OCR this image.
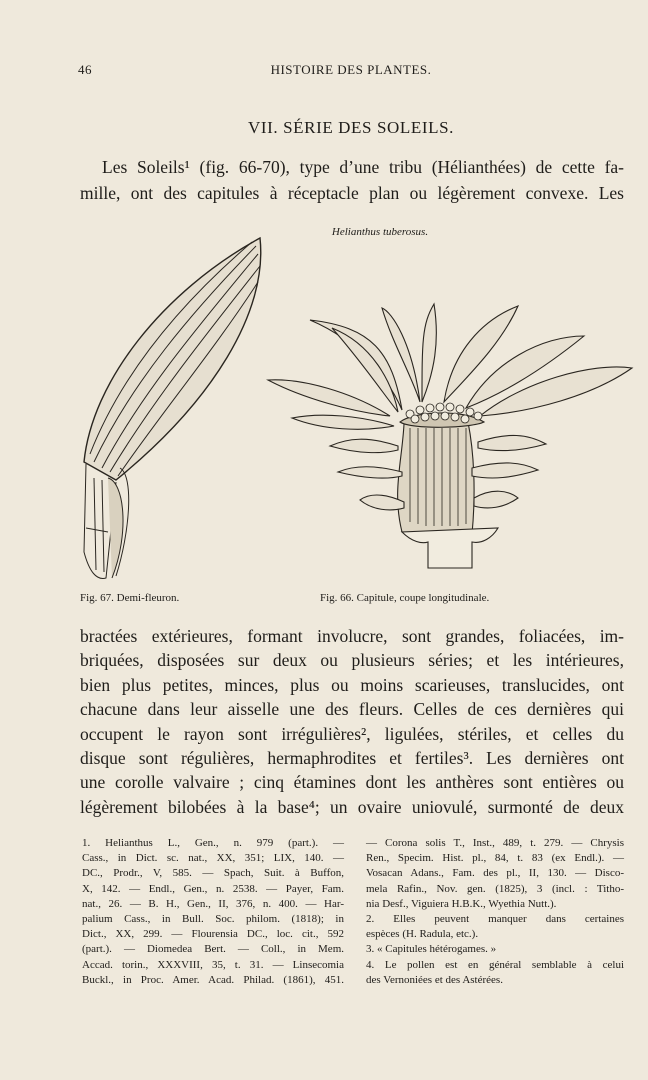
46	HISTOIRE DES PLANTES.
VII. SÉRIE DES SOLEILS.
Les Soleils¹ (fig. 66-70), type d’une tribu (Hélianthées) de cette fa-
mille, ont des capitules à réceptacle plan ou légèrement convexe. Les
Helianthus tuberosus.
Fig. 67. Demi-fleuron.	Fig. 66. Capitule, coupe longitudinale.
bractées extérieures, formant involucre, sont grandes, foliacées, im-
briquées, disposées sur deux ou plusieurs séries; et les intérieures,
bien plus petites, minces, plus ou moins scarieuses, translucides, ont
chacune dans leur aisselle une des fleurs. Celles de ces dernières qui
occupent le rayon sont irrégulières², ligulées, stériles, et celles du
disque sont régulières, hermaphrodites et fertiles³. Les dernières ont
une corolle valvaire ; cinq étamines dont les anthères sont entières ou
légèrement bilobées à la base⁴; un ovaire uniovulé, surmonté de deux
1. Helianthus L., Gen., n. 979 (part.). —
Cass., in Dict. sc. nat., XX, 351; LIX, 140. —
DC., Prodr., V, 585. — Spach, Suit. à Buffon,
X, 142. — Endl., Gen., n. 2538. — Payer, Fam.
nat., 26. — B. H., Gen., II, 376, n. 400. — Har-
palium Cass., in Bull. Soc. philom. (1818); in
Dict., XX, 299. — Flourensia DC., loc. cit., 592
(part.). — Diomedea Bert. — Coll., in Mem.
Accad. torin., XXXVIII, 35, t. 31. — Linsecomia
Buckl., in Proc. Amer. Acad. Philad. (1861), 451.
— Corona solis T., Inst., 489, t. 279. — Chrysis
Ren., Specim. Hist. pl., 84, t. 83 (ex Endl.). —
Vosacan Adans., Fam. des pl., II, 130. — Disco-
mela Rafin., Nov. gen. (1825), 3 (incl. : Titho-
nia Desf., Viguiera H.B.K., Wyethia Nutt.).
2. Elles peuvent manquer dans certaines
espèces (H. Radula, etc.).
3. « Capitules hétérogames. »
4. Le pollen est en général semblable à celui
des Vernoniées et des Astérées.
